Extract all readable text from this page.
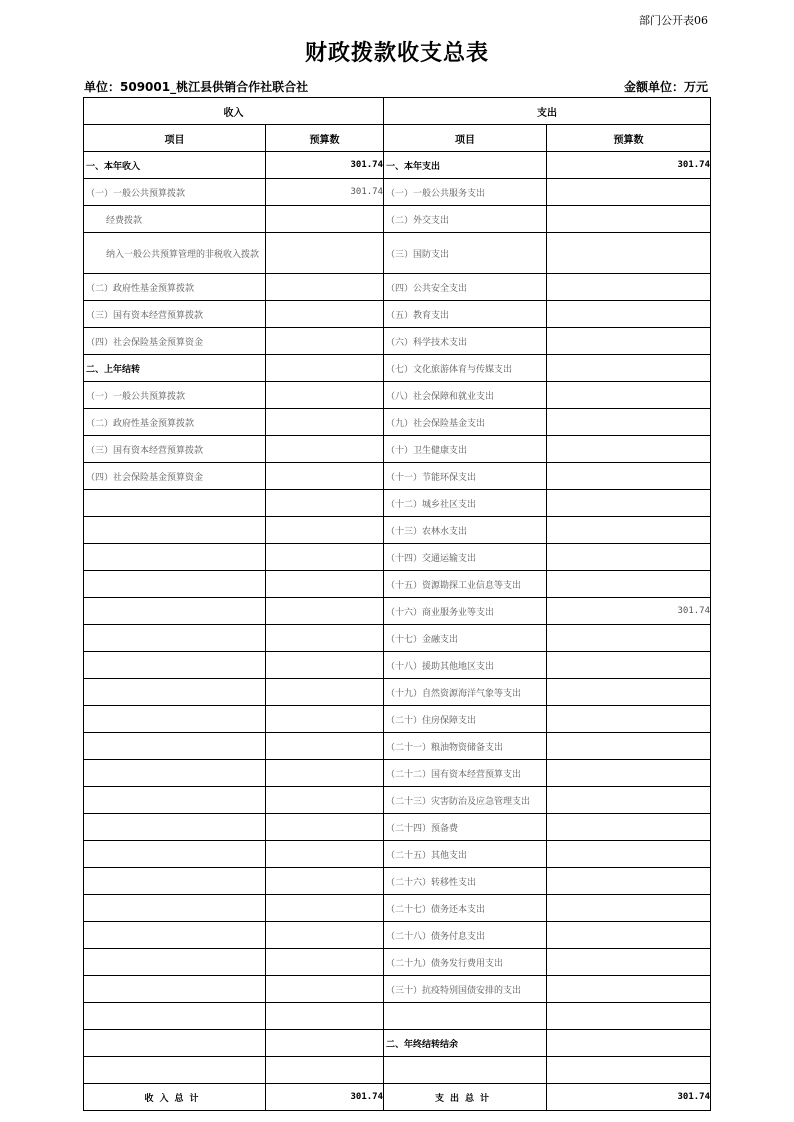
部门公开表06
财政拨款收支总表
单位：509001_桃江县供销合作社联合社	金额单位：万元
收入		支出	
项目	预算数	项目	预算数
一、本年收入	301.74	一、本年支出	301.74
（一）一般公共预算拨款	301.74	（一）一般公共服务支出	
经费拨款		（二）外交支出	
纳入一般公共预算管理的非税收入拨款		（三）国防支出	
（二）政府性基金预算拨款		（四）公共安全支出	
（三）国有资本经营预算拨款		（五）教育支出	
（四）社会保险基金预算资金		（六）科学技术支出	
二、上年结转		（七）文化旅游体育与传媒支出	
（一）一般公共预算拨款		（八）社会保障和就业支出	
（二）政府性基金预算拨款		（九）社会保险基金支出	
（三）国有资本经营预算拨款		（十）卫生健康支出	
（四）社会保险基金预算资金		（十一）节能环保支出	
		（十二）城乡社区支出	
		（十三）农林水支出	
		（十四）交通运输支出	
		（十五）资源勘探工业信息等支出	
		（十六）商业服务业等支出	301.74
		（十七）金融支出	
		（十八）援助其他地区支出	
		（十九）自然资源海洋气象等支出	
		（二十）住房保障支出	
		（二十一）粮油物资储备支出	
		（二十二）国有资本经营预算支出	
		（二十三）灾害防治及应急管理支出	
		（二十四）预备费	
		（二十五）其他支出	
		（二十六）转移性支出	
		（二十七）债务还本支出	
		（二十八）债务付息支出	
		（二十九）债务发行费用支出	
		（三十）抗疫特别国债安排的支出	

		二、年终结转结余	

收入总计	301.74	支出总计	301.74
